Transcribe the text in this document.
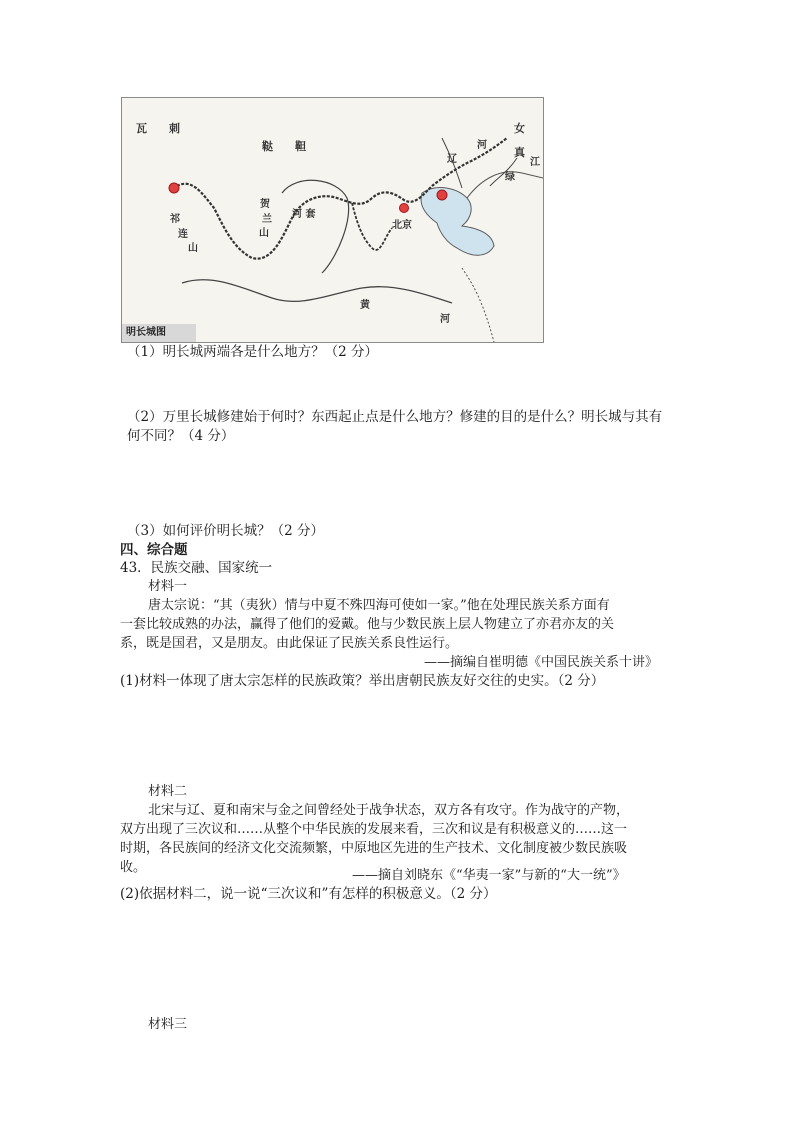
瓦　　刺
鞑　　靼
女
真
辽
河
江
绿
北京
河 套
贺
兰
山
祁
连
山
黄
河
明长城图
（1）明长城两端各是什么地方？（2 分）
（2）万里长城修建始于何时？东西起止点是什么地方？修建的目的是什么？明长城与其有
何不同？（4 分）
（3）如何评价明长城？（2 分）
四、综合题
43．民族交融、国家统一
材料一
唐太宗说：“其（夷狄）情与中夏不殊四海可使如一家。”他在处理民族关系方面有
一套比较成熟的办法，赢得了他们的爱戴。他与少数民族上层人物建立了亦君亦友的关
系，既是国君，又是朋友。由此保证了民族关系良性运行。
——摘编自崔明德《中国民族关系十讲》
(1)材料一体现了唐太宗怎样的民族政策？举出唐朝民族友好交往的史实。（2 分）
材料二
北宋与辽、夏和南宋与金之间曾经处于战争状态，双方各有攻守。作为战守的产物，
双方出现了三次议和……从整个中华民族的发展来看，三次和议是有积极意义的……这一
时期，各民族间的经济文化交流频繁，中原地区先进的生产技术、文化制度被少数民族吸
收。
——摘自刘晓东《“华夷一家”与新的“大一统”》
(2)依据材料二，说一说“三次议和”有怎样的积极意义。（2 分）
材料三
